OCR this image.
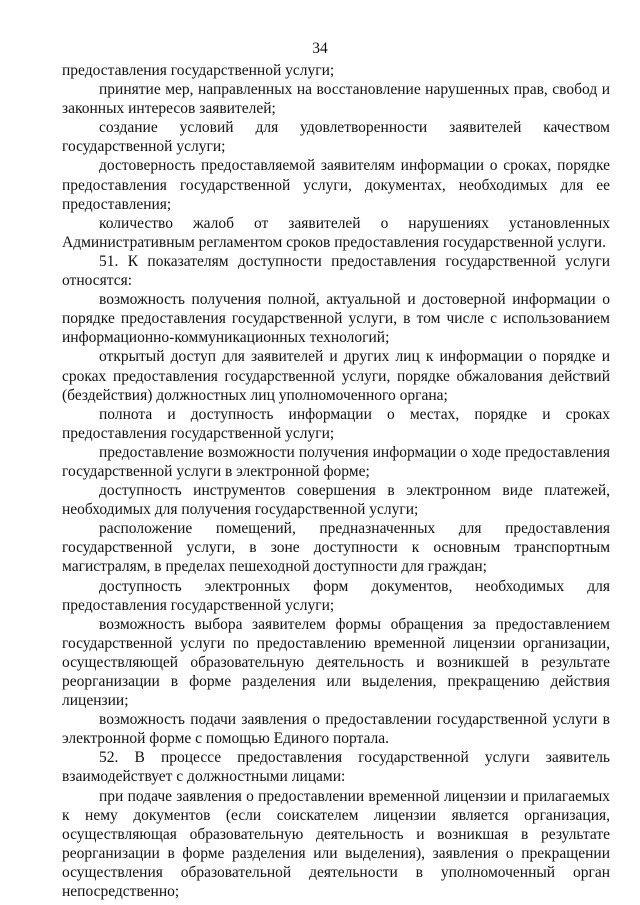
34

предоставления государственной услуги;

принятие мер, направленных на восстановление нарушенных прав, свобод и законных интересов заявителей;

создание условий для удовлетворенности заявителей качеством государственной услуги;

достоверность предоставляемой заявителям информации о сроках, порядке предоставления государственной услуги, документах, необходимых для ее предоставления;

количество жалоб от заявителей о нарушениях установленных Административным регламентом сроков предоставления государственной услуги.

51. К показателям доступности предоставления государственной услуги относятся:

возможность получения полной, актуальной и достоверной информации о порядке предоставления государственной услуги, в том числе с использованием информационно-коммуникационных технологий;

открытый доступ для заявителей и других лиц к информации о порядке и сроках предоставления государственной услуги, порядке обжалования действий (бездействия) должностных лиц уполномоченного органа;

полнота и доступность информации о местах, порядке и сроках предоставления государственной услуги;

предоставление возможности получения информации о ходе предоставления государственной услуги в электронной форме;

доступность инструментов совершения в электронном виде платежей, необходимых для получения государственной услуги;

расположение помещений, предназначенных для предоставления государственной услуги, в зоне доступности к основным транспортным магистралям, в пределах пешеходной доступности для граждан;

доступность электронных форм документов, необходимых для предоставления государственной услуги;

возможность выбора заявителем формы обращения за предоставлением государственной услуги по предоставлению временной лицензии организации, осуществляющей образовательную деятельность и возникшей в результате реорганизации в форме разделения или выделения, прекращению действия лицензии;

возможность подачи заявления о предоставлении государственной услуги в электронной форме с помощью Единого портала.

52. В процессе предоставления государственной услуги заявитель взаимодействует с должностными лицами:

при подаче заявления о предоставлении временной лицензии и прилагаемых к нему документов (если соискателем лицензии является организация, осуществляющая образовательную деятельность и возникшая в результате реорганизации в форме разделения или выделения), заявления о прекращении осуществления образовательной деятельности в уполномоченный орган непосредственно;
